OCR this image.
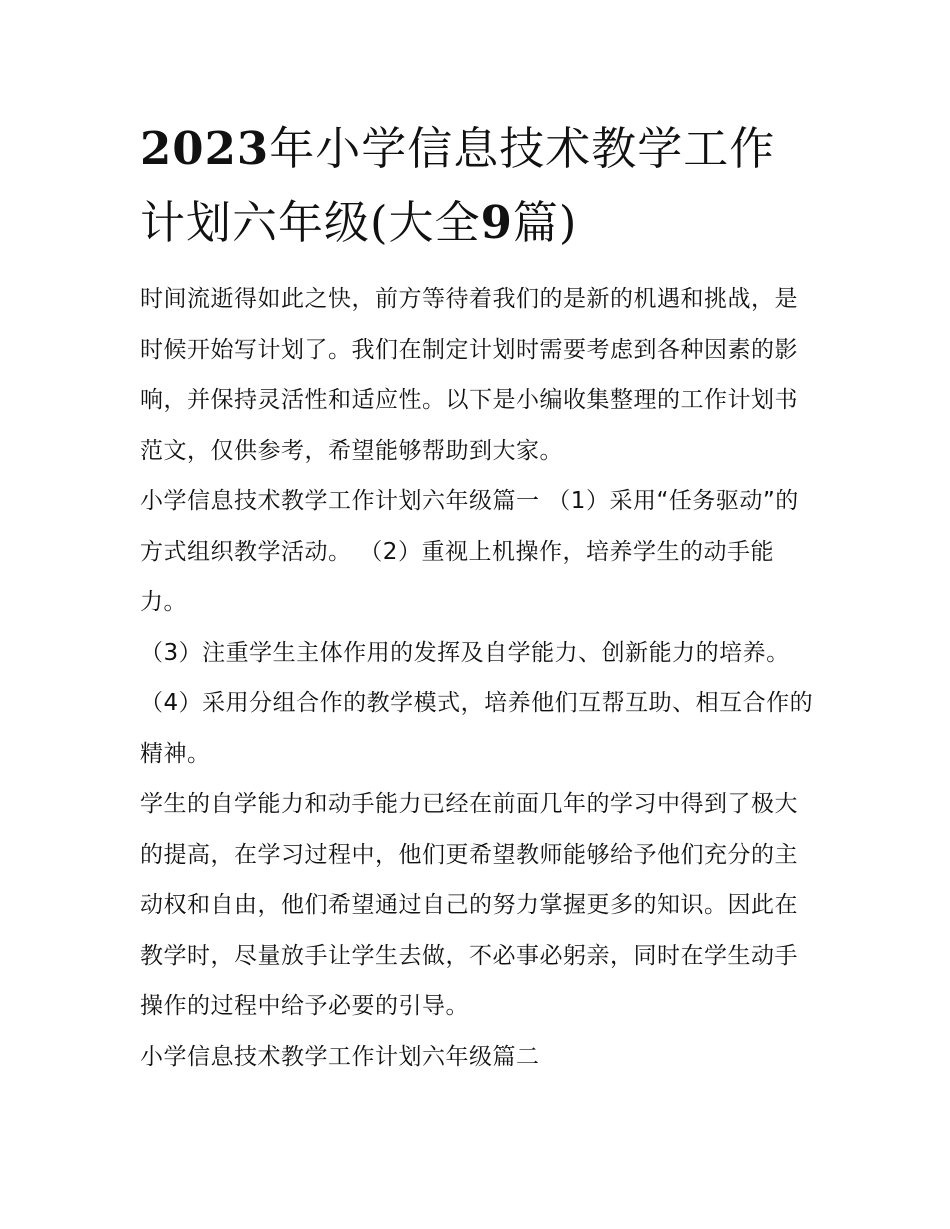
2023年小学信息技术教学工作计划六年级(大全9篇)

时间流逝得如此之快，前方等待着我们的是新的机遇和挑战，是时候开始写计划了。我们在制定计划时需要考虑到各种因素的影响，并保持灵活性和适应性。以下是小编收集整理的工作计划书范文，仅供参考，希望能够帮助到大家。

小学信息技术教学工作计划六年级篇一 （1）采用“任务驱动”的方式组织教学活动。 （2）重视上机操作，培养学生的动手能力。

（3）注重学生主体作用的发挥及自学能力、创新能力的培养。 （4）采用分组合作的教学模式，培养他们互帮互助、相互合作的精神。

学生的自学能力和动手能力已经在前面几年的学习中得到了极大的提高，在学习过程中，他们更希望教师能够给予他们充分的主动权和自由，他们希望通过自己的努力掌握更多的知识。因此在教学时，尽量放手让学生去做，不必事必躬亲，同时在学生动手操作的过程中给予必要的引导。

小学信息技术教学工作计划六年级篇二
